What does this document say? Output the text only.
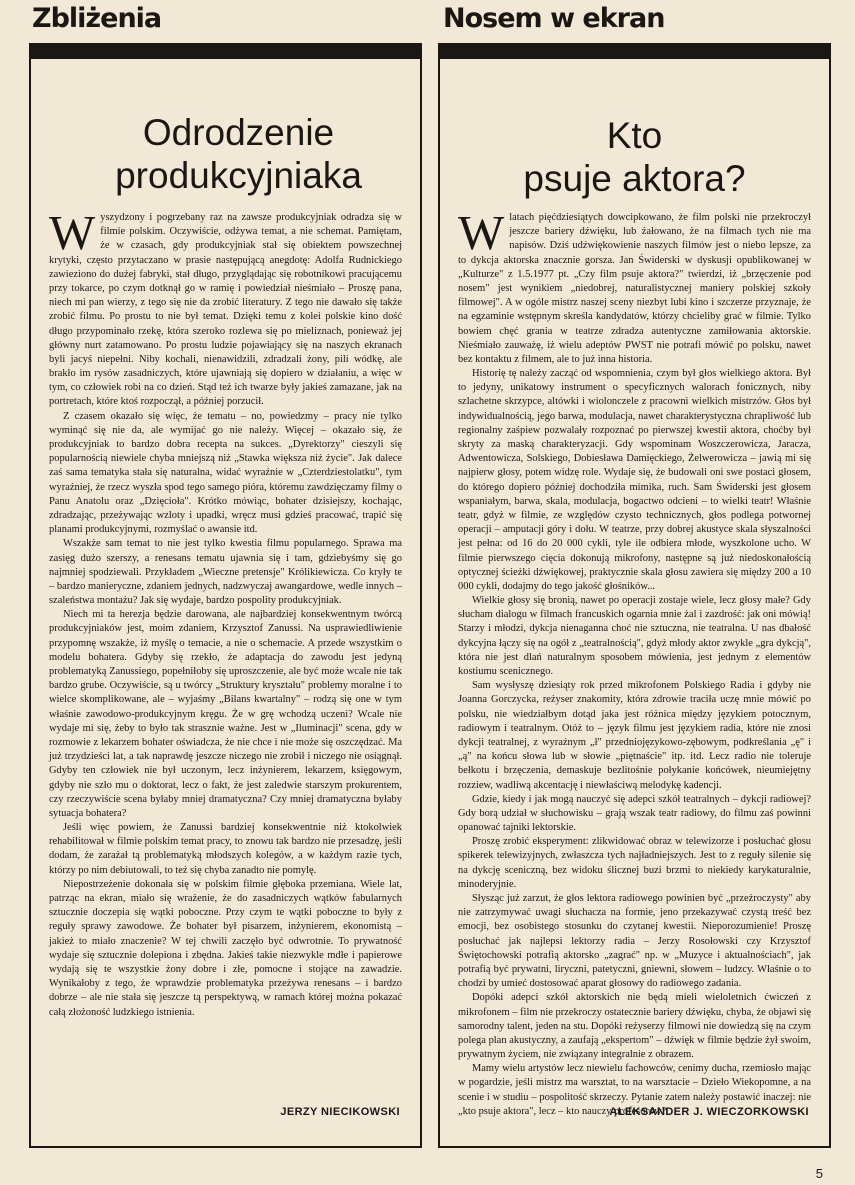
Zbliżenia	Nosem w ekran
Odrodzenie
produkcyjniaka

Wyszydzony i pogrzebany raz na zawsze produkcyjniak odradza się w filmie polskim. Oczywiście, odżywa temat, a nie schemat. Pamiętam, że w czasach, gdy produkcyjniak stał się obiektem powszechnej krytyki, często przytaczano w prasie następującą anegdotę: Adolfa Rudnickiego zawieziono do dużej fabryki, stał długo, przyglądając się robotnikowi pracującemu przy tokarce, po czym dotknął go w ramię i powiedział nieśmiało – Proszę pana, niech mi pan wierzy, z tego się nie da zrobić literatury. Z tego nie dawało się także zrobić filmu. Po prostu to nie był temat. Dzięki temu z kolei polskie kino dość długo przypominało rzekę, która szeroko rozlewa się po mieliznach, ponieważ jej główny nurt zatamowano. Po prostu ludzie pojawiający się na naszych ekranach byli jacyś niepełni. Niby kochali, nienawidzili, zdradzali żony, pili wódkę, ale brakło im rysów zasadniczych, które ujawniają się dopiero w działaniu, a więc w tym, co człowiek robi na co dzień. Stąd też ich twarze były jakieś zamazane, jak na portretach, które ktoś rozpoczął, a później porzucił.

Z czasem okazało się więc, że tematu – no, powiedzmy – pracy nie tylko wyminąć się nie da, ale wymijać go nie należy. Więcej – okazało się, że produkcyjniak to bardzo dobra recepta na sukces. „Dyrektorzy" cieszyli się popularnością niewiele chyba mniejszą niż „Stawka większa niż życie". Jak dalece zaś sama tematyka stała się naturalna, widać wyraźnie w „Czterdziestolatku", tym wyraźniej, że rzecz wyszła spod tego samego pióra, któremu zawdzięczamy filmy o Panu Anatolu oraz „Dzięcioła". Krótko mówiąc, bohater dzisiejszy, kochając, zdradzając, przeżywając wzloty i upadki, wręcz musi gdzieś pracować, trapić się planami produkcyjnymi, rozmyślać o awansie itd.

Wszakże sam temat to nie jest tylko kwestia filmu popularnego. Sprawa ma zasięg dużo szerszy, a renesans tematu ujawnia się i tam, gdziebyśmy się go najmniej spodziewali. Przykładem „Wieczne pretensje" Królikiewicza. Co kryły te – bardzo manieryczne, zdaniem jednych, nadzwyczaj awangardowe, wedle innych – szaleństwa montażu? Jak się wydaje, bardzo pospolity produkcyjniak.

Niech mi ta herezja będzie darowana, ale najbardziej konsekwentnym twórcą produkcyjniaków jest, moim zdaniem, Krzysztof Zanussi. Na usprawiedliwienie przypomnę wszakże, iż myślę o temacie, a nie o schemacie. A przede wszystkim o modelu bohatera. Gdyby się rzekło, że adaptacja do zawodu jest jedyną problematyką Zanussiego, popełniłoby się uproszczenie, ale być może wcale nie tak bardzo grube. Oczywiście, są u twórcy „Struktury kryształu" problemy moralne i to wielce skomplikowane, ale – wyjaśmy „Bilans kwartalny" – rodzą się one w tym właśnie zawodowo-produkcyjnym kręgu. Że w grę wchodzą uczeni? Wcale nie wydaje mi się, żeby to było tak strasznie ważne. Jest w „Iluminacji" scena, gdy w rozmowie z lekarzem bohater oświadcza, że nie chce i nie może się oszczędzać. Ma już trzydzieści lat, a tak naprawdę jeszcze niczego nie zrobił i niczego nie osiągnął. Gdyby ten człowiek nie był uczonym, lecz inżynierem, lekarzem, księgowym, gdyby nie szło mu o doktorat, lecz o fakt, że jest zaledwie starszym prokurentem, czy rzeczywiście scena byłaby mniej dramatyczna? Czy mniej dramatyczna byłaby sytuacja bohatera?

Jeśli więc powiem, że Zanussi bardziej konsekwentnie niż ktokolwiek rehabilitował w filmie polskim temat pracy, to znowu tak bardzo nie przesadzę, jeśli dodam, że zarażał tą problematyką młodszych kolegów, a w każdym razie tych, którzy po nim debiutowali, to też się chyba zanadto nie pomylę.

Niepostrzeżenie dokonała się w polskim filmie głęboka przemiana. Wiele lat, patrząc na ekran, miało się wrażenie, że do zasadniczych wątków fabularnych sztucznie doczepia się wątki poboczne. Przy czym te wątki poboczne to były z reguły sprawy zawodowe. Że bohater był pisarzem, inżynierem, ekonomistą – jakież to miało znaczenie? W tej chwili zaczęło być odwrotnie. To prywatność wydaje się sztucznie dolepiona i zbędna. Jakieś takie niezwykle mdłe i papierowe wydają się te wszystkie żony dobre i złe, pomocne i stojące na zawadzie. Wynikałoby z tego, że wprawdzie problematyka przeżywa renesans – i bardzo dobrze – ale nie stała się jeszcze tą perspektywą, w ramach której można pokazać całą złożoność ludzkiego istnienia.

JERZY NIECIKOWSKI
Kto
psuje aktora?

Wlatach pięćdziesiątych dowcipkowano, że film polski nie przekroczył jeszcze bariery dźwięku, lub żałowano, że na filmach tych nie ma napisów. Dziś udźwiękowienie naszych filmów jest o niebo lepsze, za to dykcja aktorska znacznie gorsza. Jan Świderski w dyskusji opublikowanej w „Kulturze" z 1.5.1977 pt. „Czy film psuje aktora?" twierdzi, iż „brzęczenie pod nosem" jest wynikiem „niedobrej, naturalistycznej maniery polskiej szkoły filmowej". A w ogóle mistrz naszej sceny niezbyt lubi kino i szczerze przyznaje, że na egzaminie wstępnym skreśla kandydatów, którzy chcieliby grać w filmie. Tylko bowiem chęć grania w teatrze zdradza autentyczne zamiłowania aktorskie. Nieśmiało zauważę, iż wielu adeptów PWST nie potrafi mówić po polsku, nawet bez kontaktu z filmem, ale to już inna historia.

Historię tę należy zacząć od wspomnienia, czym był głos wielkiego aktora. Był to jedyny, unikatowy instrument o specyficznych walorach fonicznych, niby szlachetne skrzypce, altówki i wiolonczele z pracowni wielkich mistrzów. Głos był indywidualnością, jego barwa, modulacja, nawet charakterystyczna chrapliwość lub regionalny zaśpiew pozwalały rozpoznać po pierwszej kwestii aktora, choćby był skryty za maską charakteryzacji. Gdy wspominam Woszczerowicza, Jaracza, Adwentowicza, Solskiego, Dobiesława Damięckiego, Żelwerowicza – jawią mi się najpierw głosy, potem widzę role. Wydaje się, że budowali oni swe postaci głosem, do którego dopiero później dochodziła mimika, ruch. Sam Świderski jest głosem wspaniałym, barwa, skala, modulacja, bogactwo odcieni – to wielki teatr! Właśnie teatr, gdyż w filmie, ze względów czysto technicznych, głos podlega potwornej operacji – amputacji góry i dołu. W teatrze, przy dobrej akustyce skala słyszalności jest pełna: od 16 do 20 000 cykli, tyle ile odbiera młode, wyszkolone ucho. W filmie pierwszego cięcia dokonują mikrofony, następne są już niedoskonałością optycznej ścieżki dźwiękowej, praktycznie skala głosu zawiera się między 200 a 10 000 cykli, dodajmy do tego jakość głośników...

Wielkie głosy się bronią, nawet po operacji zostaje wiele, lecz głosy małe? Gdy słucham dialogu w filmach francuskich ogarnia mnie żal i zazdrość: jak oni mówią! Starzy i młodzi, dykcja nienaganna choć nie sztuczna, nie teatralna. U nas dbałość dykcyjna łączy się na ogół z „teatralnością", gdyż młody aktor zwykle „gra dykcją", która nie jest dlań naturalnym sposobem mówienia, jest jednym z elementów kostiumu scenicznego.

Sam wysłyszę dziesiąty rok przed mikrofonem Polskiego Radia i gdyby nie Joanna Gorczycka, reżyser znakomity, która zdrowie traciła uczę mnie mówić po polsku, nie wiedziałbym dotąd jaka jest różnica między językiem potocznym, radiowym i teatralnym. Otóż to – język filmu jest językiem radia, które nie znosi dykcji teatralnej, z wyraźnym „ł" przedniojęzykowo-zębowym, podkreślania „ę" i „ą" na końcu słowa lub w słowie „piętnaście" itp. itd. Lecz radio nie toleruje bełkotu i brzęczenia, demaskuje bezlitośnie połykanie końcówek, nieumiejętny rozziew, wadliwą akcentację i niewłaściwą melodykę kadencji.

Gdzie, kiedy i jak mogą nauczyć się adepci szkół teatralnych – dykcji radiowej? Gdy borą udział w słuchowisku – grają wszak teatr radiowy, do filmu zaś powinni opanować tajniki lektorskie.

Proszę zrobić eksperyment: zlikwidować obraz w telewizorze i posłuchać głosu spikerek telewizyjnych, zwłaszcza tych najładniejszych. Jest to z reguły silenie się na dykcję sceniczną, bez widoku ślicznej buzi brzmi to niekiedy karykaturalnie, minoderyjnie.

Słysząc już zarzut, że głos lektora radiowego powinien być „przeźroczysty" aby nie zatrzymywać uwagi słuchacza na formie, jeno przekazywać czystą treść bez emocji, bez osobistego stosunku do czytanej kwestii. Nieporozumienie! Proszę posłuchać jak najlepsi lektorzy radia – Jerzy Rosołowski czy Krzysztof Świętochowski potrafią aktorsko „zagrać" np. w „Muzyce i aktualnościach", jak potrafią być prywatni, liryczni, patetyczni, gniewni, słowem – ludzcy. Właśnie o to chodzi by umieć dostosować aparat głosowy do radiowego zadania.

Dopóki adepci szkół aktorskich nie będą mieli wieloletnich ćwiczeń z mikrofonem – film nie przekroczy ostatecznie bariery dźwięku, chyba, że objawi się samorodny talent, jeden na stu. Dopóki reżyserzy filmowi nie dowiedzą się na czym polega plan akustyczny, a zaufają „ekspertom" – dźwięk w filmie będzie żył swoim, prywatnym życiem, nie związany integralnie z obrazem.

Mamy wielu artystów lecz niewielu fachowców, cenimy ducha, rzemiosło mając w pogardzie, jeśli mistrz ma warsztat, to na warsztacie – Dzieło Wiekopomne, a na scenie i w studiu – pospolitość skrzeczy. Pytanie zatem należy postawić inaczej: nie „kto psuje aktora", lecz – kto nauczy profesorów?

ALEKSANDER J. WIECZORKOWSKI
5
